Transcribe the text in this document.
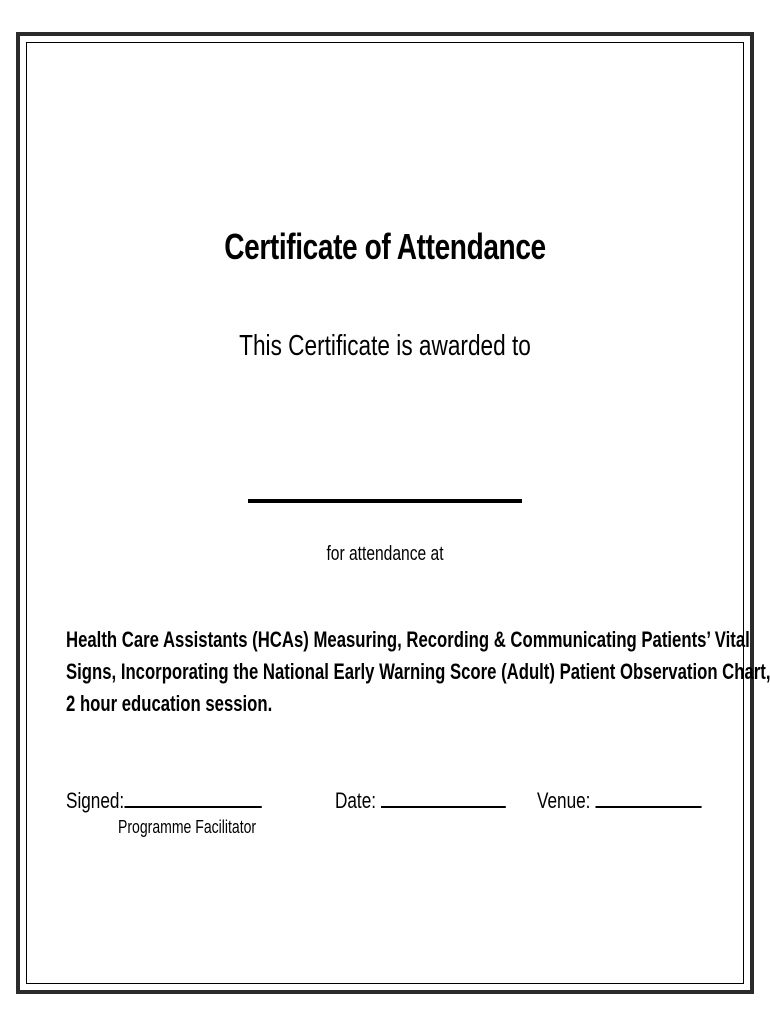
Certificate of Attendance
This Certificate is awarded to
for attendance at
Health Care Assistants (HCAs) Measuring, Recording & Communicating Patients’ Vital
Signs, Incorporating the National Early Warning Score (Adult) Patient Observation Chart,
2 hour education session.
Signed:
Programme Facilitator
Date:	Venue:
